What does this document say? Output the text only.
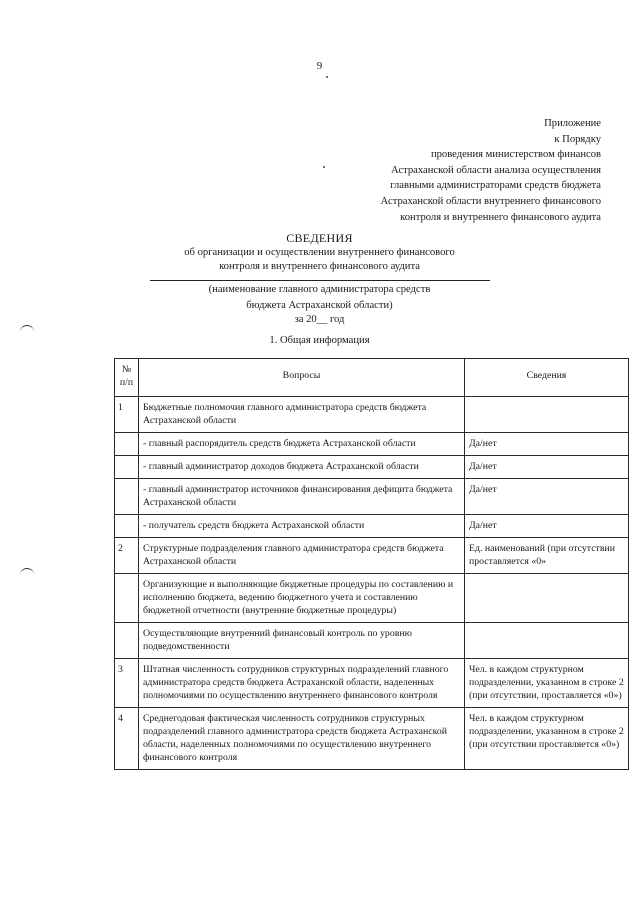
9
Приложение
к Порядку
проведения министерством финансов
Астраханской области анализа осуществления
главными администраторами средств бюджета
Астраханской области внутреннего финансового
контроля и внутреннего финансового аудита
СВЕДЕНИЯ
об организации и осуществлении внутреннего финансового
контроля и внутреннего финансового аудита
(наименование главного администратора средств
бюджета Астраханской области)
за 20__ год
1. Общая информация
№ п/п	Вопросы	Сведения
1	Бюджетные полномочия главного администратора средств бюджета Астраханской области	
	- главный распорядитель средств бюджета Астраханской области	Да/нет
	- главный администратор доходов бюджета Астраханской области	Да/нет
	- главный администратор источников финансирования дефицита бюджета Астраханской области	Да/нет
	- получатель средств бюджета Астраханской области	Да/нет
2	Структурные подразделения главного администратора средств бюджета Астраханской области	Ед. наименований (при отсутствии проставляется «0»
	Организующие и выполняющие бюджетные процедуры по составлению и исполнению бюджета, ведению бюджетного учета и составлению бюджетной отчетности (внутренние бюджетные процедуры)	
	Осуществляющие внутренний финансовый контроль по уровню подведомственности	
3	Штатная численность сотрудников структурных подразделений главного администратора средств бюджета Астраханской области, наделенных полномочиями по осуществлению внутреннего финансового контроля	Чел. в каждом структурном подразделении, указанном в строке 2 (при отсутствии, проставляется «0»)
4	Среднегодовая фактическая численность сотрудников структурных подразделений главного администратора средств бюджета Астраханской области, наделенных полномочиями по осуществлению внутреннего финансового контроля	Чел. в каждом структурном подразделении, указанном в строке 2 (при отсутствии проставляется «0»)
